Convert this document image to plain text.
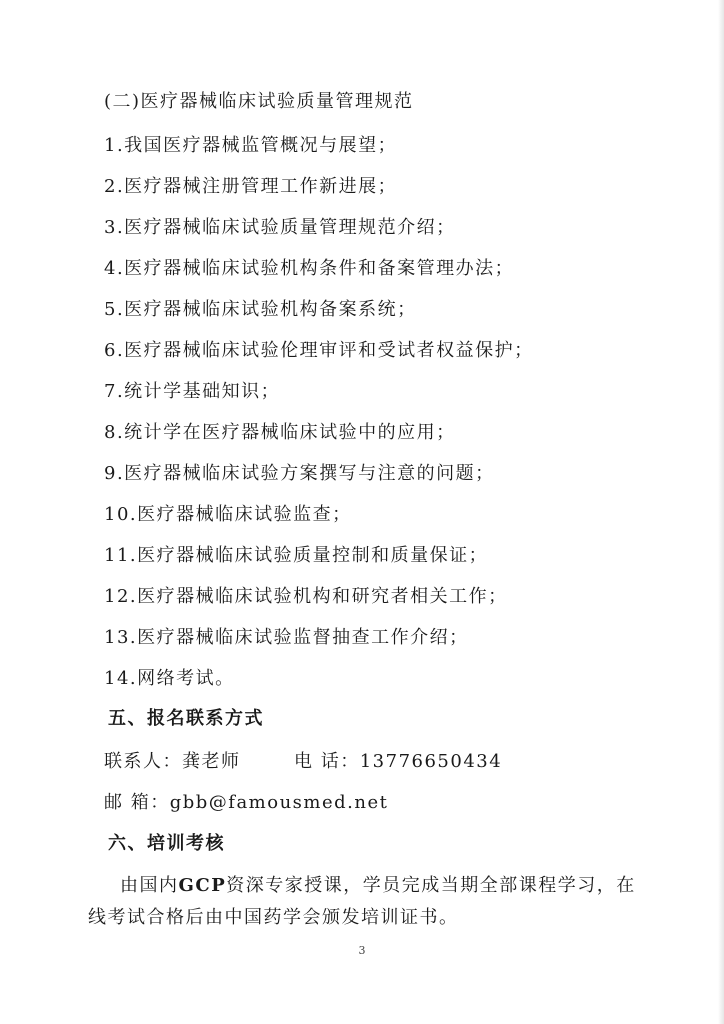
(二)医疗器械临床试验质量管理规范
1.我国医疗器械监管概况与展望；
2.医疗器械注册管理工作新进展；
3.医疗器械临床试验质量管理规范介绍；
4.医疗器械临床试验机构条件和备案管理办法；
5.医疗器械临床试验机构备案系统；
6.医疗器械临床试验伦理审评和受试者权益保护；
7.统计学基础知识；
8.统计学在医疗器械临床试验中的应用；
9.医疗器械临床试验方案撰写与注意的问题；
10.医疗器械临床试验监查；
11.医疗器械临床试验质量控制和质量保证；
12.医疗器械临床试验机构和研究者相关工作；
13.医疗器械临床试验监督抽查工作介绍；
14.网络考试。
五、报名联系方式
联系人：龚老师	电 话：13776650434
邮 箱：gbb@famousmed.net
六、培训考核
由国内GCP资深专家授课，学员完成当期全部课程学习，在线考试合格后由中国药学会颁发培训证书。
3
